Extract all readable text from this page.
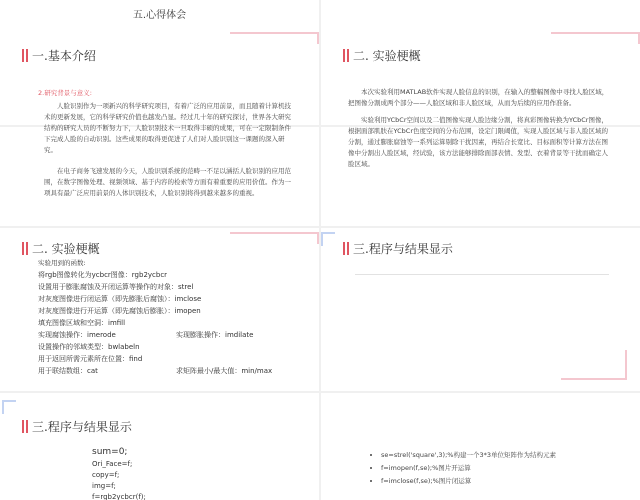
五.心得体会
一.基本介绍
2.研究背景与意义:
二. 实验梗概

人脸识别作为一项新兴的科学研究项目，有着广泛的应用前景，而且随着计算机技术的更新发展，它的科学研究价值也越发凸显。经过几十年的研究探讨，世界各大研究结构的研究人员的不断努力下，人脸识别技术一旦取得丰硕的成果，可在一定限制条件下完成人脸的自动识别。这些成果的取得更促进了人们对人脸识别这一课题的深入研究。

在电子商务飞速发展的今天，人脸识别系统的范畴一不足以涵括人脸识别的应用范围，在数字图像处理、视频领域、基于内容的检索等方面有着重要的应用价值。作为一项具有最广泛应用前景的人体识别技术，人脸识别将得到越来越多的重视。

本次实验利用MATLAB软件实现人脸信息的识别，在输入的整幅图像中寻找人脸区域，把图像分割成两个部分——人脸区域和非人脸区域，从而为后续的应用作准备。

实验利用YCbCr空间以及二值图像实现人脸边缘分割，将真彩图像转换为YCbCr图像，根据面部肌肤在YCbCr色度空间的分布范围，设定门限阈值，实现人脸区域与非人脸区域的分割，通过膨胀腐蚀等一系列运算剔除干扰因素，再结合长宽比、目标面积等计算方法在图像中分割出人脸区域，经试验，该方法能够排除面部表情、发型、衣着背景等干扰而确定人脸区域。

二. 实验梗概
实验用到的函数:
将rgb图像转化为ycbcr图像：rgb2ycbcr
设置用于膨胀腐蚀及开闭运算等操作的对象：strel
对灰度图像进行闭运算（即先膨胀后腐蚀）：imclose
对灰度图像进行开运算（即先腐蚀后膨胀）：imopen
填充图像区域和空洞：imfill
实现腐蚀操作：imerode	实现膨胀操作：imdilate
设置操作的邻域类型：bwlabeln
用于返回所需元素所在位置：find
用于联结数组：cat	求矩阵最小/最大值：min/max
三.程序与结果显示
三.程序与结果显示
sum=0;
Ori_Face=f;
copy=f;
img=f;
f=rgb2ycbcr(f);
• se=strel('square',3);%构建一个3*3单位矩阵作为结构元素
• f=imopen(f,se);%图片开运算
• f=imclose(f,se);%图片闭运算
